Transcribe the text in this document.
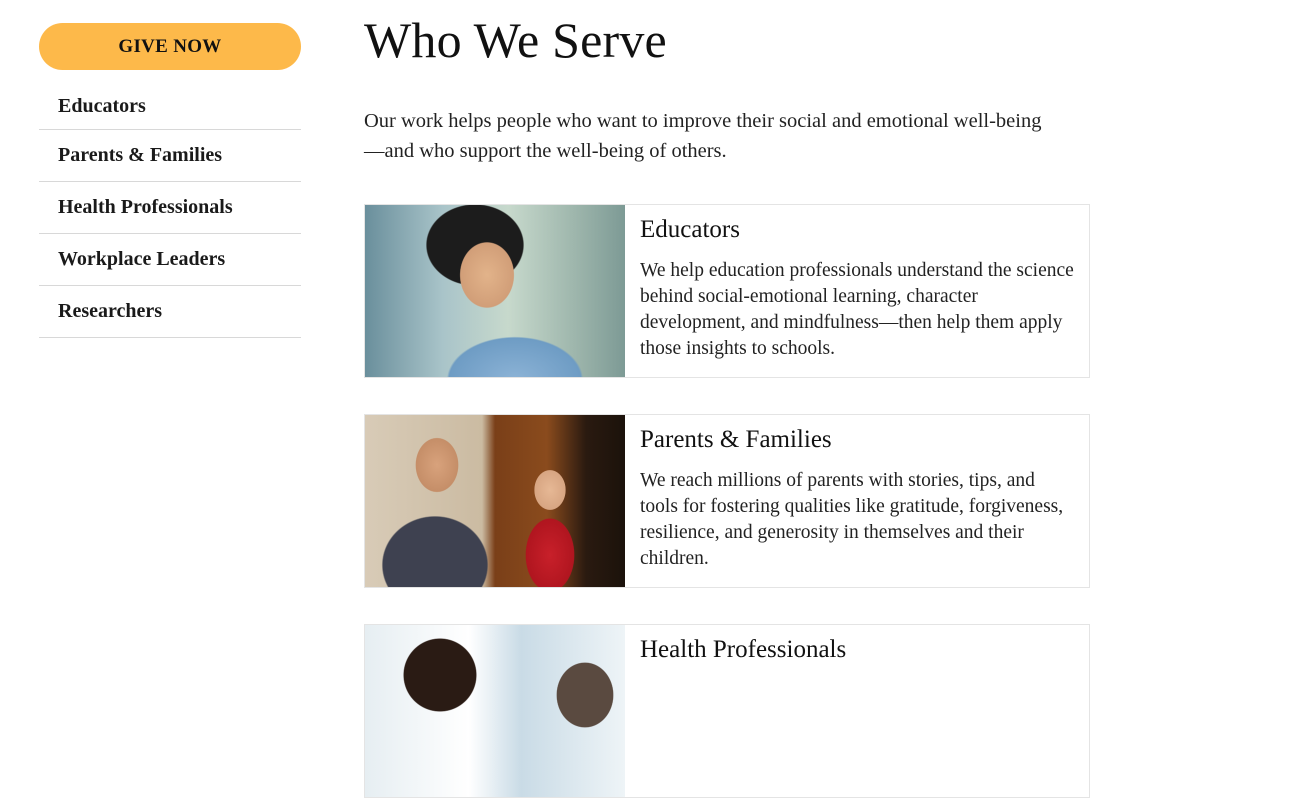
GIVE NOW
Educators
Parents & Families
Health Professionals
Workplace Leaders
Researchers
Who We Serve

Our work helps people who want to improve their social and emotional well-being—and who support the well-being of others.

Educators

We help education professionals understand the science behind social-emotional learning, character development, and mindfulness—then help them apply those insights to schools.

Parents & Families

We reach millions of parents with stories, tips, and tools for fostering qualities like gratitude, forgiveness, resilience, and generosity in themselves and their children.

Health Professionals
